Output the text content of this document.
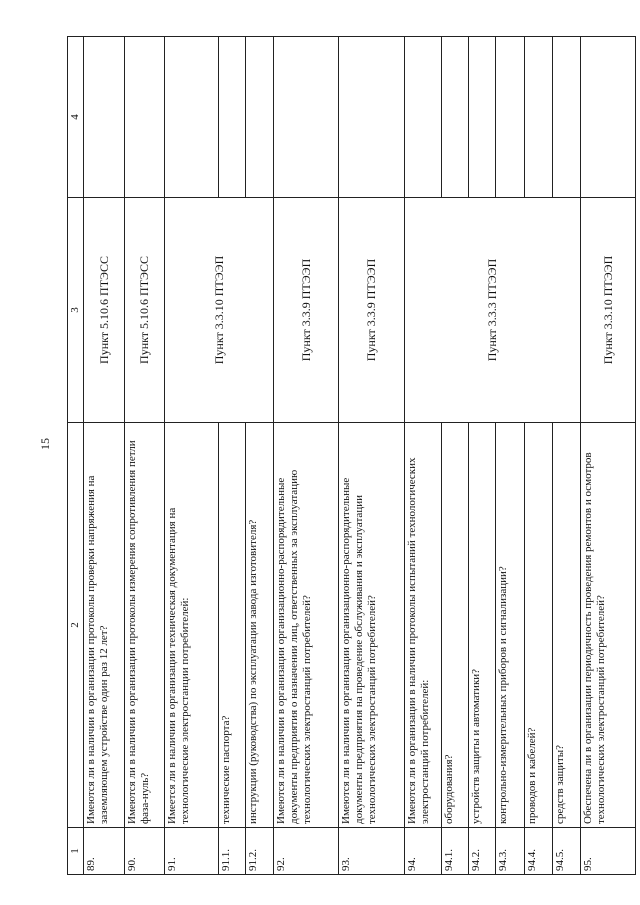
15
1	2	3	4
89.	Имеются ли в наличии в организации протоколы проверки напряжения на заземляющем устройстве один раз 12 лет?	Пункт 5.10.6 ПТЭСС	
90.	Имеются ли в наличии в организации протоколы измерения сопротивления петли фаза-нуль?	Пункт 5.10.6 ПТЭСС	
91.	Имеется ли в наличии в организации техническая документация на технологические электростанции потребителей:	Пункт 3.3.10 ПТЭЭП	
91.1.	технические паспорта?		
91.2.	инструкции (руководства) по эксплуатации завода изготовителя?		
92.	Имеются ли в наличии в организации организационно-распорядительные документы предприятия о назначении лиц, ответственных за эксплуатацию технологических электростанций потребителей?	Пункт 3.3.9 ПТЭЭП	
93.	Имеются ли в наличии в организации организационно-распорядительные документы предприятия на проведение обслуживания и эксплуатации технологических электростанций потребителей?	Пункт 3.3.9 ПТЭЭП	
94.	Имеются ли в организации в наличии протоколы испытаний технологических электростанций потребителей:	Пункт 3.3.3 ПТЭЭП	
94.1.	оборудования?		
94.2.	устройств защиты и автоматики?		
94.3.	контрольно-измерительных приборов и сигнализации?		
94.4.	проводов и кабелей?		
94.5.	средств защиты?		
95.	Обеспечена ли в организации периодичность проведения ремонтов и осмотров технологических электростанций потребителей?	Пункт 3.3.10 ПТЭЭП	
